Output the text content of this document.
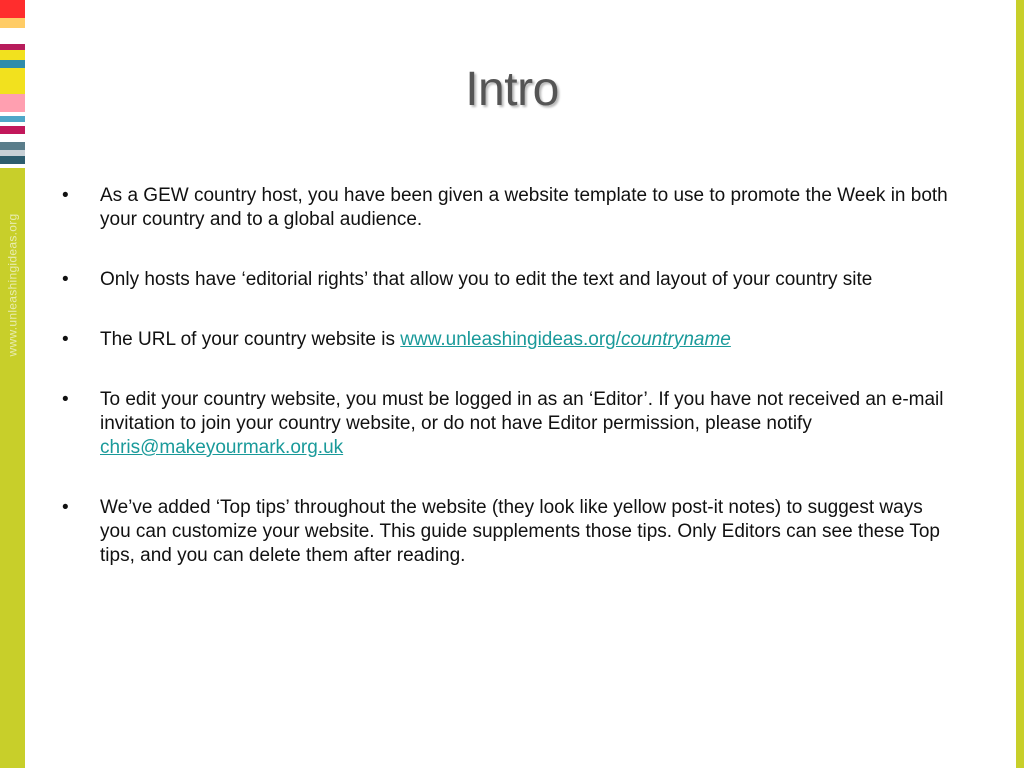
www.unleashingideas.org
Intro
• As a GEW country host, you have been given a website template to use to promote the Week in both your country and to a global audience.
• Only hosts have ‘editorial rights’ that allow you to edit the text and layout of your country site
• The URL of your country website is www.unleashingideas.org/countryname
• To edit your country website, you must be logged in as an ‘Editor’. If you have not received an e-mail invitation to join your country website, or do not have Editor permission, please notify chris@makeyourmark.org.uk
• We’ve added ‘Top tips’ throughout the website (they look like yellow post-it notes) to suggest ways you can customize your website. This guide supplements those tips. Only Editors can see these Top tips, and you can delete them after reading.
